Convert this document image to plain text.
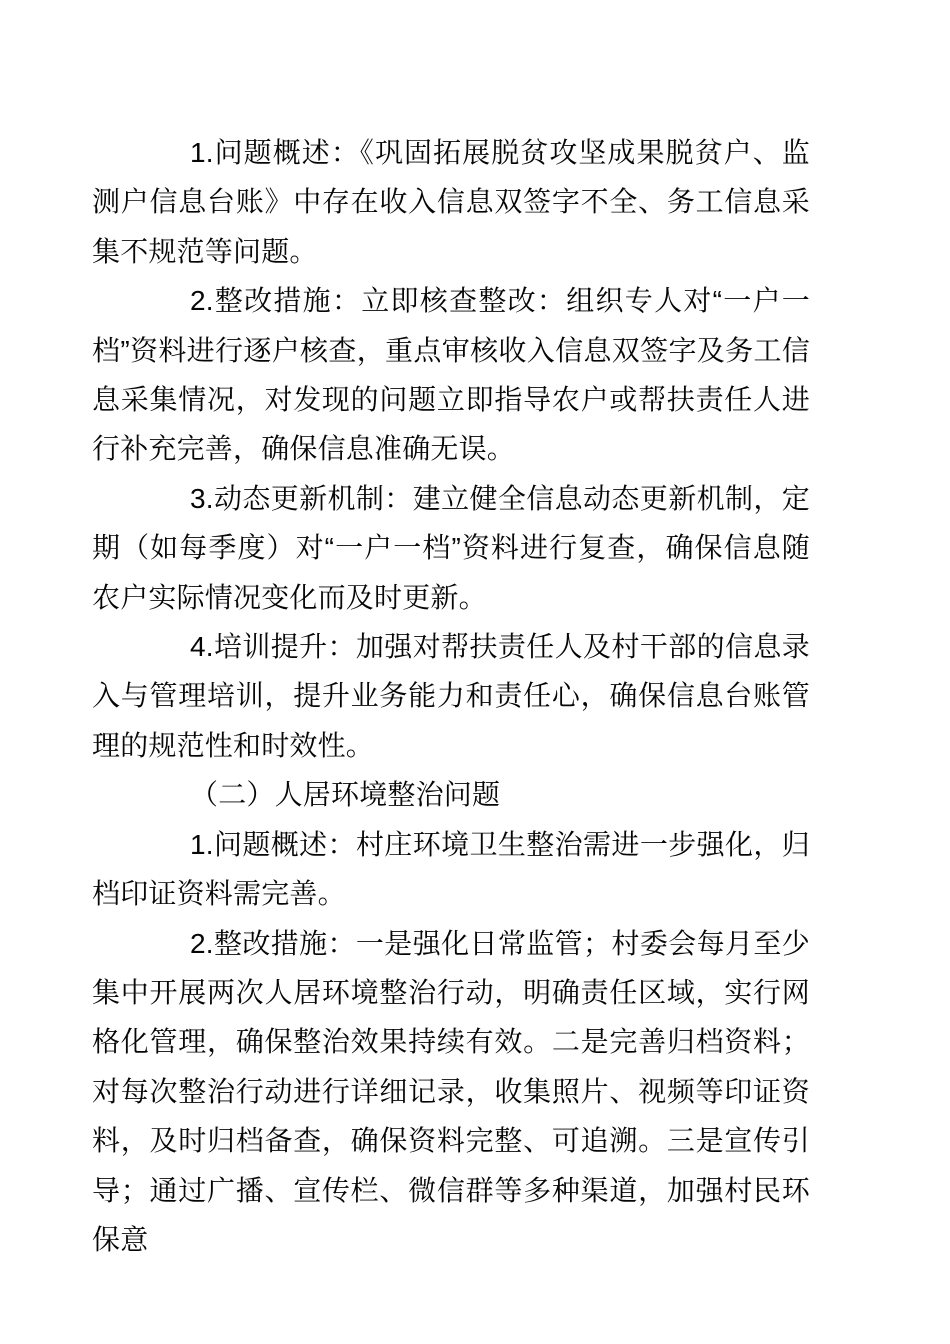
1.问题概述：《巩固拓展脱贫攻坚成果脱贫户、监测户信息台账》中存在收入信息双签字不全、务工信息采集不规范等问题。

2.整改措施：立即核查整改：组织专人对“一户一档”资料进行逐户核查，重点审核收入信息双签字及务工信息采集情况，对发现的问题立即指导农户或帮扶责任人进行补充完善，确保信息准确无误。

3.动态更新机制：建立健全信息动态更新机制，定期（如每季度）对“一户一档”资料进行复查，确保信息随农户实际情况变化而及时更新。

4.培训提升：加强对帮扶责任人及村干部的信息录入与管理培训，提升业务能力和责任心，确保信息台账管理的规范性和时效性。

（二）人居环境整治问题

1.问题概述：村庄环境卫生整治需进一步强化，归档印证资料需完善。

2.整改措施：一是强化日常监管；村委会每月至少集中开展两次人居环境整治行动，明确责任区域，实行网格化管理，确保整治效果持续有效。二是完善归档资料；对每次整治行动进行详细记录，收集照片、视频等印证资料，及时归档备查，确保资料完整、可追溯。三是宣传引导；通过广播、宣传栏、微信群等多种渠道，加强村民环保意
